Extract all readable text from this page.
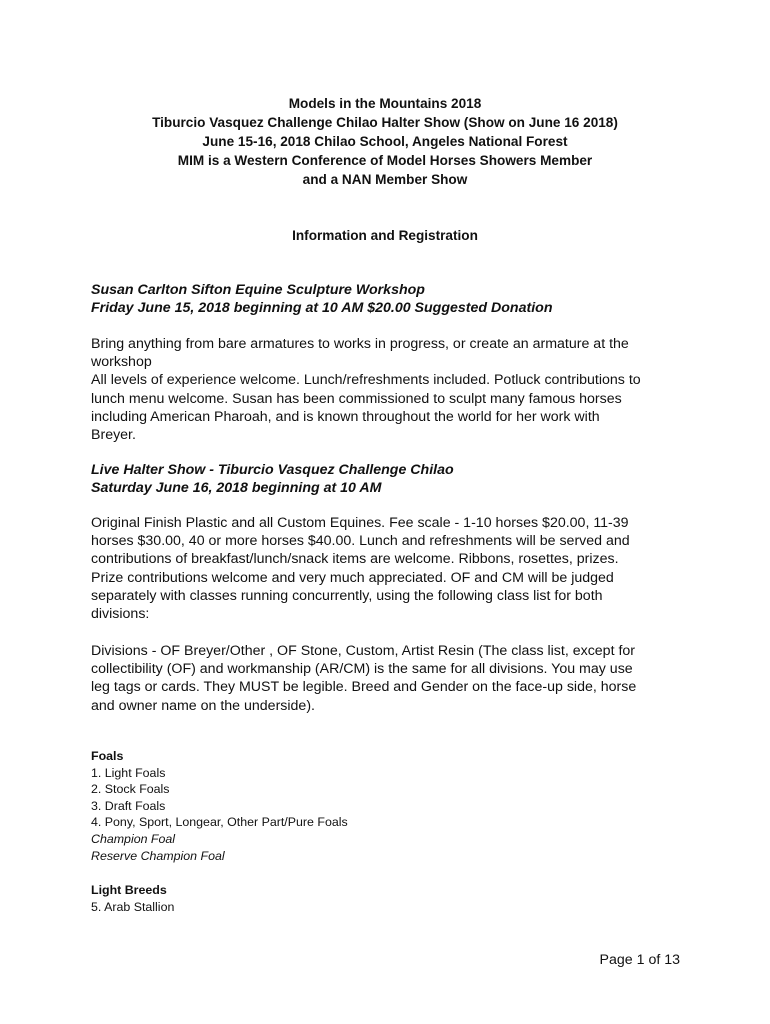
Models in the Mountains 2018
Tiburcio Vasquez Challenge Chilao Halter Show (Show on June 16 2018)
June 15-16, 2018 Chilao School, Angeles National Forest
MIM is a Western Conference of Model Horses Showers Member
and a NAN Member Show
Information and Registration
Susan Carlton Sifton Equine Sculpture Workshop
Friday June 15, 2018 beginning at 10 AM $20.00 Suggested Donation
Bring anything from bare armatures to works in progress, or create an armature at the
workshop
All levels of experience welcome. Lunch/refreshments included. Potluck contributions to
lunch menu welcome. Susan has been commissioned to sculpt many famous horses
including American Pharoah, and is known throughout the world for her work with
Breyer.
Live Halter Show - Tiburcio Vasquez Challenge Chilao
Saturday June 16, 2018 beginning at 10 AM
Original Finish Plastic and all Custom Equines. Fee scale - 1-10 horses $20.00, 11-39
horses $30.00, 40 or more horses $40.00. Lunch and refreshments will be served and
contributions of breakfast/lunch/snack items are welcome. Ribbons, rosettes, prizes.
Prize contributions welcome and very much appreciated. OF and CM will be judged
separately with classes running concurrently, using the following class list for both
divisions:
Divisions - OF Breyer/Other , OF Stone, Custom, Artist Resin (The class list, except for
collectibility (OF) and workmanship (AR/CM) is the same for all divisions. You may use
leg tags or cards. They MUST be legible. Breed and Gender on the face-up side, horse
and owner name on the underside).
Foals
1. Light Foals
2. Stock Foals
3. Draft Foals
4. Pony, Sport, Longear, Other Part/Pure Foals
Champion Foal
Reserve Champion Foal
Light Breeds
5. Arab Stallion
Page 1 of 13
